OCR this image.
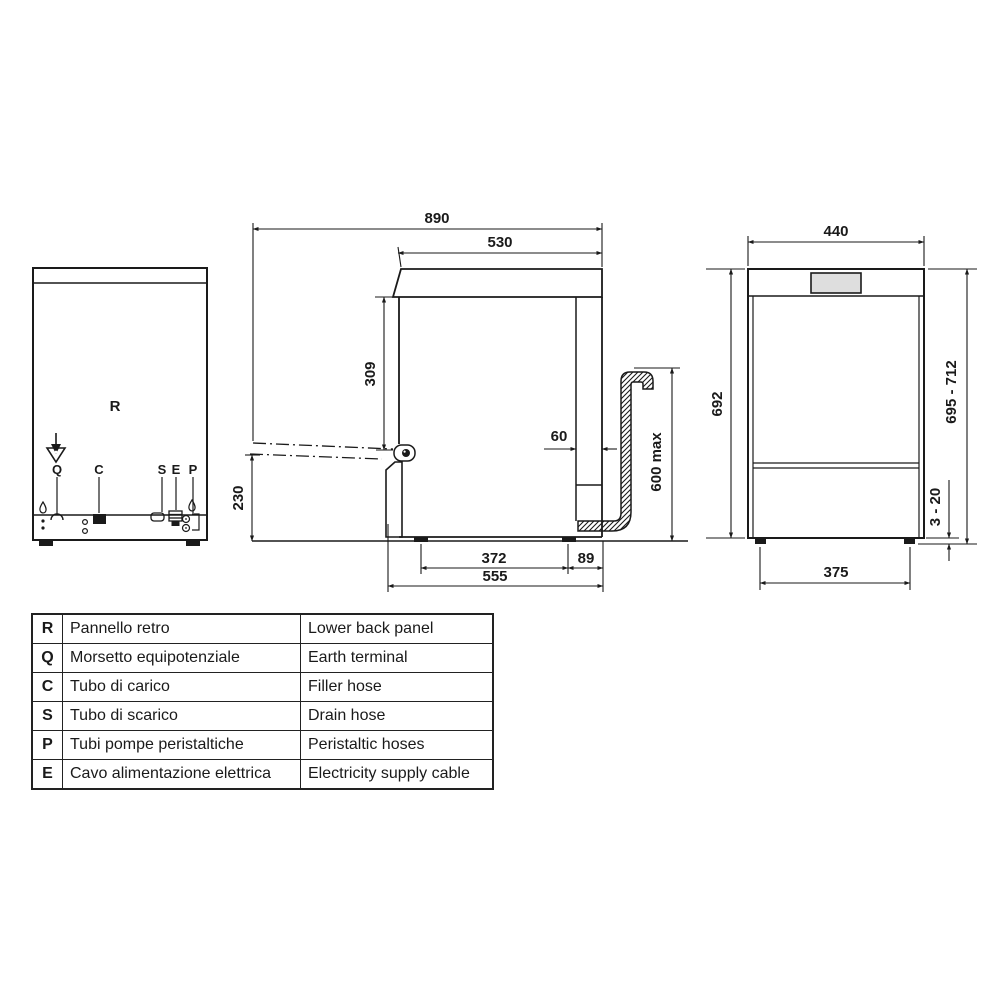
R
Q C	S E P
890
530
309
230
60	600 max
372	89
555
440
692	695 - 712
3 - 20
375
R	Pannello retro	Lower back panel
Q	Morsetto equipotenziale	Earth terminal
C	Tubo di carico	Filler hose
S	Tubo di scarico	Drain hose
P	Tubi pompe peristaltiche	Peristaltic hoses
E	Cavo alimentazione elettrica	Electricity supply cable
